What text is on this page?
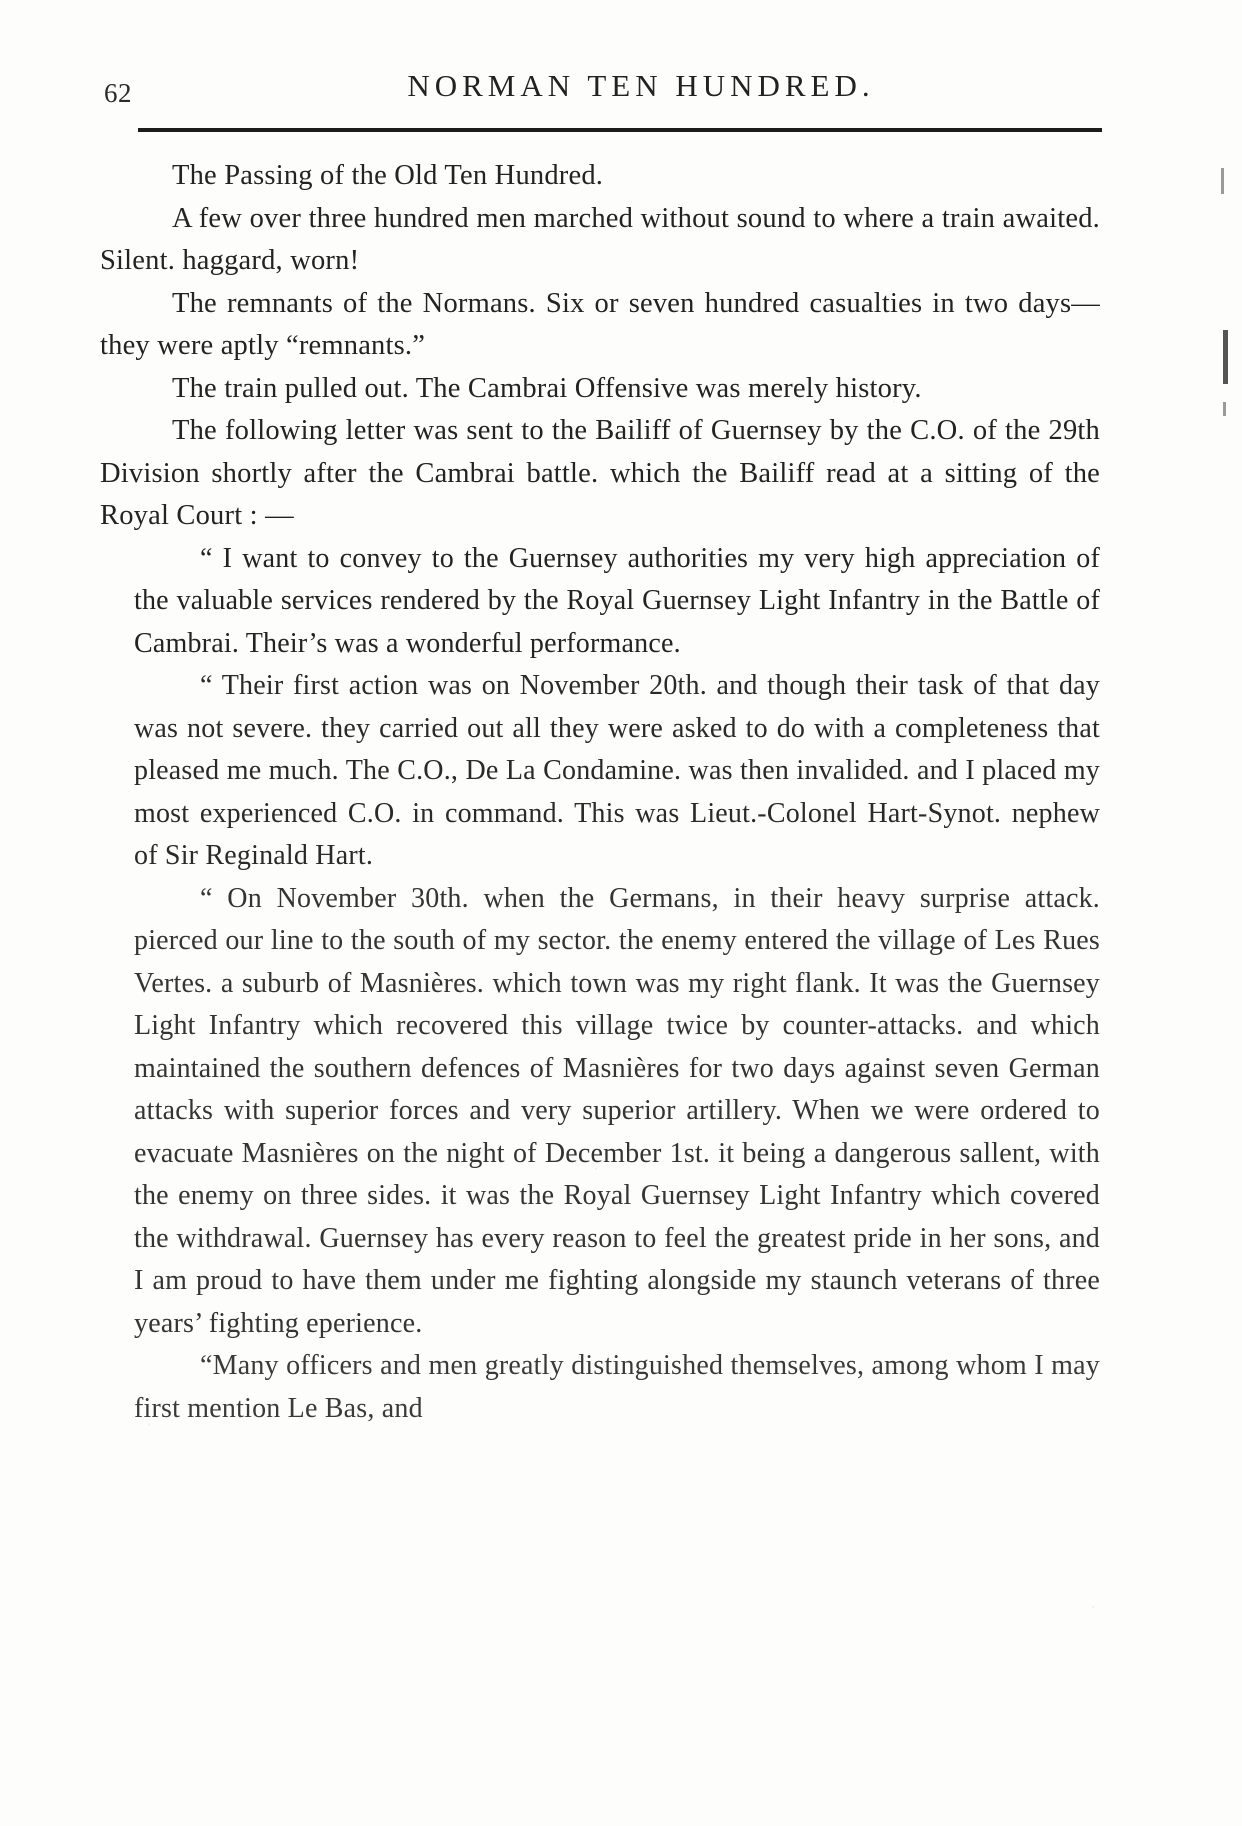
62	NORMAN TEN HUNDRED.

The Passing of the Old Ten Hundred.

A few over three hundred men marched without sound to where a train awaited. Silent. haggard, worn!

The remnants of the Normans. Six or seven hundred casualties in two days—they were aptly “remnants.”

The train pulled out. The Cambrai Offensive was merely history.

The following letter was sent to the Bailiff of Guernsey by the C.O. of the 29th Division shortly after the Cambrai battle. which the Bailiff read at a sitting of the Royal Court : —

“ I want to convey to the Guernsey authorities my very high appreciation of the valuable services rendered by the Royal Guernsey Light Infantry in the Battle of Cambrai. Their’s was a wonderful performance.

“ Their first action was on November 20th. and though their task of that day was not severe. they carried out all they were asked to do with a completeness that pleased me much. The C.O., De La Condamine. was then invalided. and I placed my most experienced C.O. in command. This was Lieut.-Colonel Hart-Synot. nephew of Sir Reginald Hart.

“ On November 30th. when the Germans, in their heavy surprise attack. pierced our line to the south of my sector. the enemy entered the village of Les Rues Vertes. a suburb of Masnières. which town was my right flank. It was the Guernsey Light Infantry which recovered this village twice by counter-attacks. and which maintained the southern defences of Masnières for two days against seven German attacks with superior forces and very superior artillery. When we were ordered to evacuate Masnières on the night of December 1st. it being a dangerous sallent, with the enemy on three sides. it was the Royal Guernsey Light Infantry which covered the withdrawal. Guernsey has every reason to feel the greatest pride in her sons, and I am proud to have them under me fighting alongside my staunch veterans of three years’ fighting eperience.

“Many officers and men greatly distinguished themselves, among whom I may first mention Le Bas, and
